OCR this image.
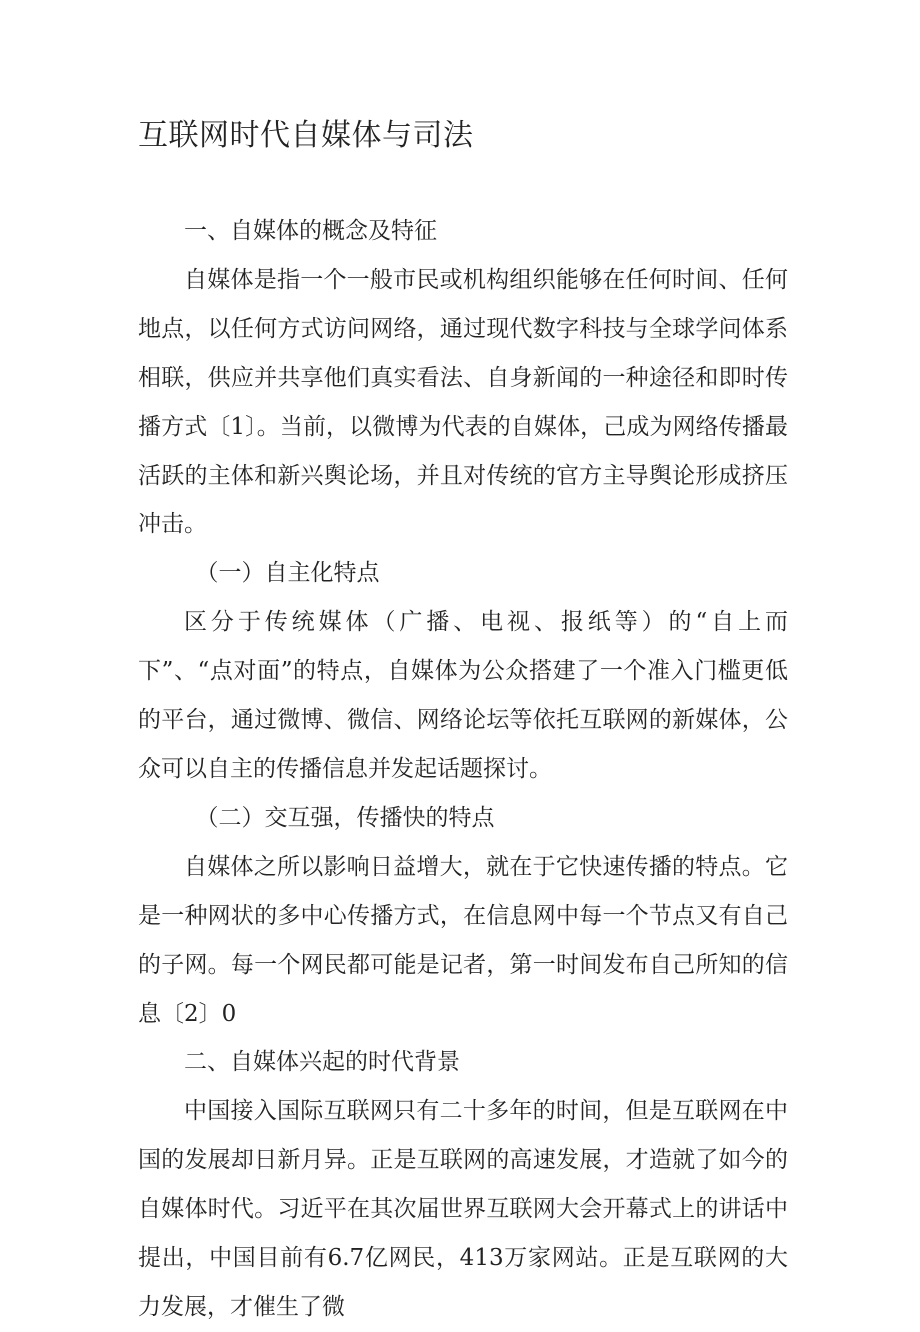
互联网时代自媒体与司法

一、自媒体的概念及特征

自媒体是指一个一般市民或机构组织能够在任何时间、任何地点，以任何方式访问网络，通过现代数字科技与全球学问体系相联，供应并共享他们真实看法、自身新闻的一种途径和即时传播方式〔1〕。当前，以微博为代表的自媒体，己成为网络传播最活跃的主体和新兴舆论场，并且对传统的官方主导舆论形成挤压冲击。

（一）自主化特点

区分于传统媒体（广播、电视、报纸等）的“自上而下”、“点对面”的特点，自媒体为公众搭建了一个准入门槛更低的平台，通过微博、微信、网络论坛等依托互联网的新媒体，公众可以自主的传播信息并发起话题探讨。

（二）交互强，传播快的特点

自媒体之所以影响日益增大，就在于它快速传播的特点。它是一种网状的多中心传播方式，在信息网中每一个节点又有自己的子网。每一个网民都可能是记者，第一时间发布自己所知的信息〔2〕0

二、自媒体兴起的时代背景

中国接入国际互联网只有二十多年的时间，但是互联网在中国的发展却日新月异。正是互联网的高速发展，才造就了如今的自媒体时代。习近平在其次届世界互联网大会开幕式上的讲话中提出，中国目前有6.7亿网民，413万家网站。正是互联网的大力发展，才催生了微
